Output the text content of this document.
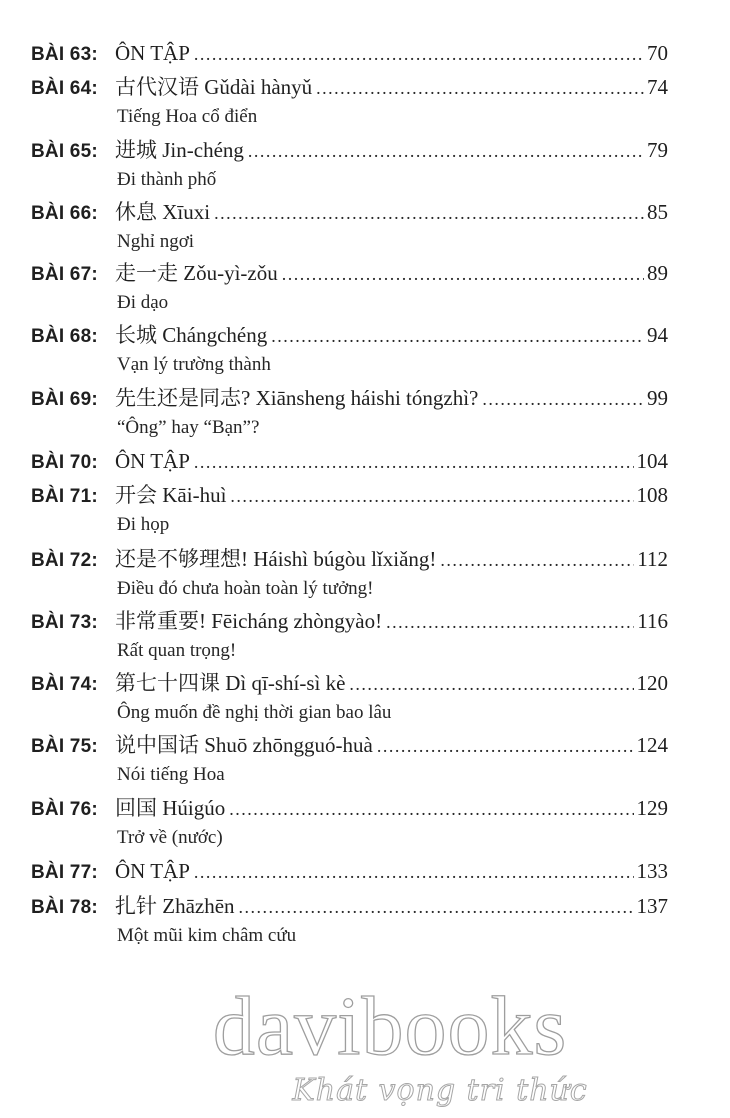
BÀI 63: ÔN TẬP .....	70
BÀI 64: 古代汉语 Gǔdài hànyǔ .....	74
Tiếng Hoa cổ điển
BÀI 65: 进城 Jin-chéng .....	79
Đi thành phố
BÀI 66: 休息 Xīuxi .....	85
Nghỉ ngơi
BÀI 67: 走一走 Zǒu-yì-zǒu .....	89
Đi dạo
BÀI 68: 长城 Chángchéng .....	94
Vạn lý trường thành
BÀI 69: 先生还是同志? Xiānsheng háishi tóngzhì? .....	99
“Ông” hay “Bạn”?
BÀI 70: ÔN TẬP .....	104
BÀI 71: 开会 Kāi-huì .....	108
Đi họp
BÀI 72: 还是不够理想! Háishì búgòu lǐxiǎng! .....	112
Điều đó chưa hoàn toàn lý tưởng!
BÀI 73: 非常重要! Fēicháng zhòngyào! .....	116
Rất quan trọng!
BÀI 74: 第七十四课 Dì qī-shí-sì kè .....	120
Ông muốn đề nghị thời gian bao lâu
BÀI 75: 说中国话 Shuō zhōngguó-huà .....	124
Nói tiếng Hoa
BÀI 76: 回国 Húigúo .....	129
Trở về (nước)
BÀI 77: ÔN TẬP .....	133
BÀI 78: 扎针 Zhāzhēn .....	137
Một mũi kim châm cứu
davibooks
Khát vọng tri thức
